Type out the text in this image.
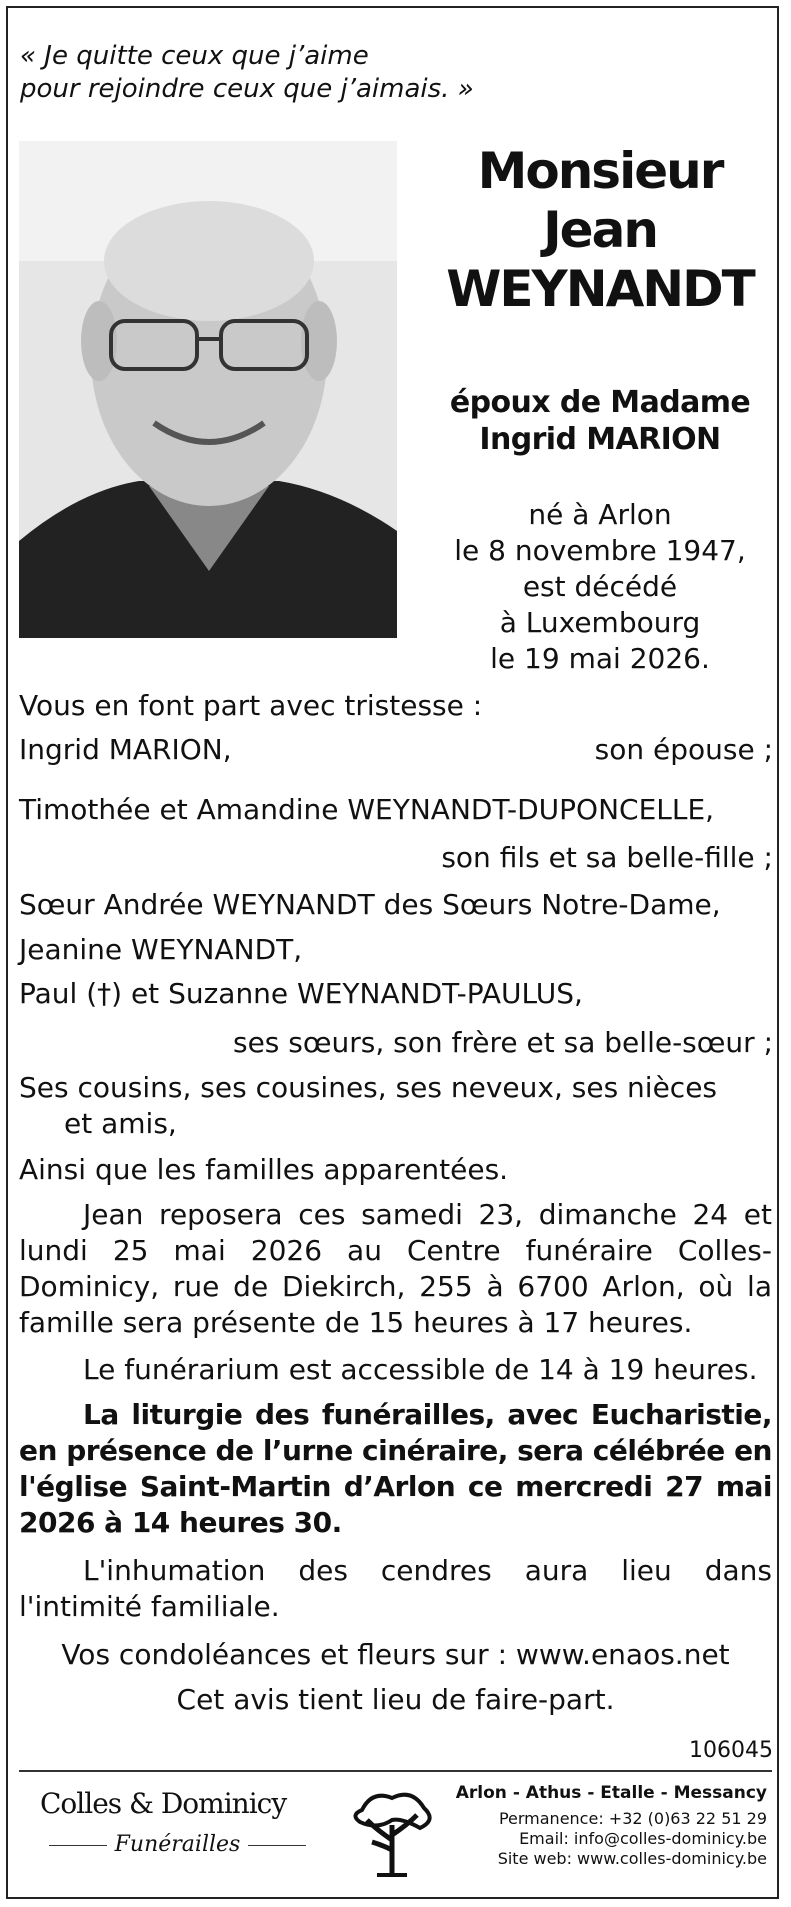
« Je quitte ceux que j’aime
pour rejoindre ceux que j’aimais. »
Monsieur
Jean
WEYNANDT
époux de Madame
Ingrid MARION
né à Arlon
le 8 novembre 1947,
est décédé
à Luxembourg
le 19 mai 2026.
Vous en font part avec tristesse :
Ingrid MARION,	son épouse ;
Timothée et Amandine WEYNANDT-DUPONCELLE,
son fils et sa belle-fille ;
Sœur Andrée WEYNANDT des Sœurs Notre-Dame,
Jeanine WEYNANDT,
Paul (†) et Suzanne WEYNANDT-PAULUS,
ses sœurs, son frère et sa belle-sœur ;
Ses cousins, ses cousines, ses neveux, ses nièces
et amis,
Ainsi que les familles apparentées.
Jean reposera ces samedi 23, dimanche 24 et lundi 25 mai 2026 au Centre funéraire Colles-Dominicy, rue de Diekirch, 255 à 6700 Arlon, où la famille sera présente de 15 heures à 17 heures.
Le funérarium est accessible de 14 à 19 heures.
La liturgie des funérailles, avec Eucharistie, en présence de l’urne cinéraire, sera célébrée en l'église Saint-Martin d’Arlon ce mercredi 27 mai 2026 à 14 heures 30.
L'inhumation des cendres aura lieu dans l'intimité familiale.
Vos condoléances et fleurs sur : www.enaos.net
Cet avis tient lieu de faire-part.
106045
Colles & Dominicy
Funérailles
Arlon - Athus - Etalle - Messancy
Permanence: +32 (0)63 22 51 29
Email: info@colles-dominicy.be
Site web: www.colles-dominicy.be
